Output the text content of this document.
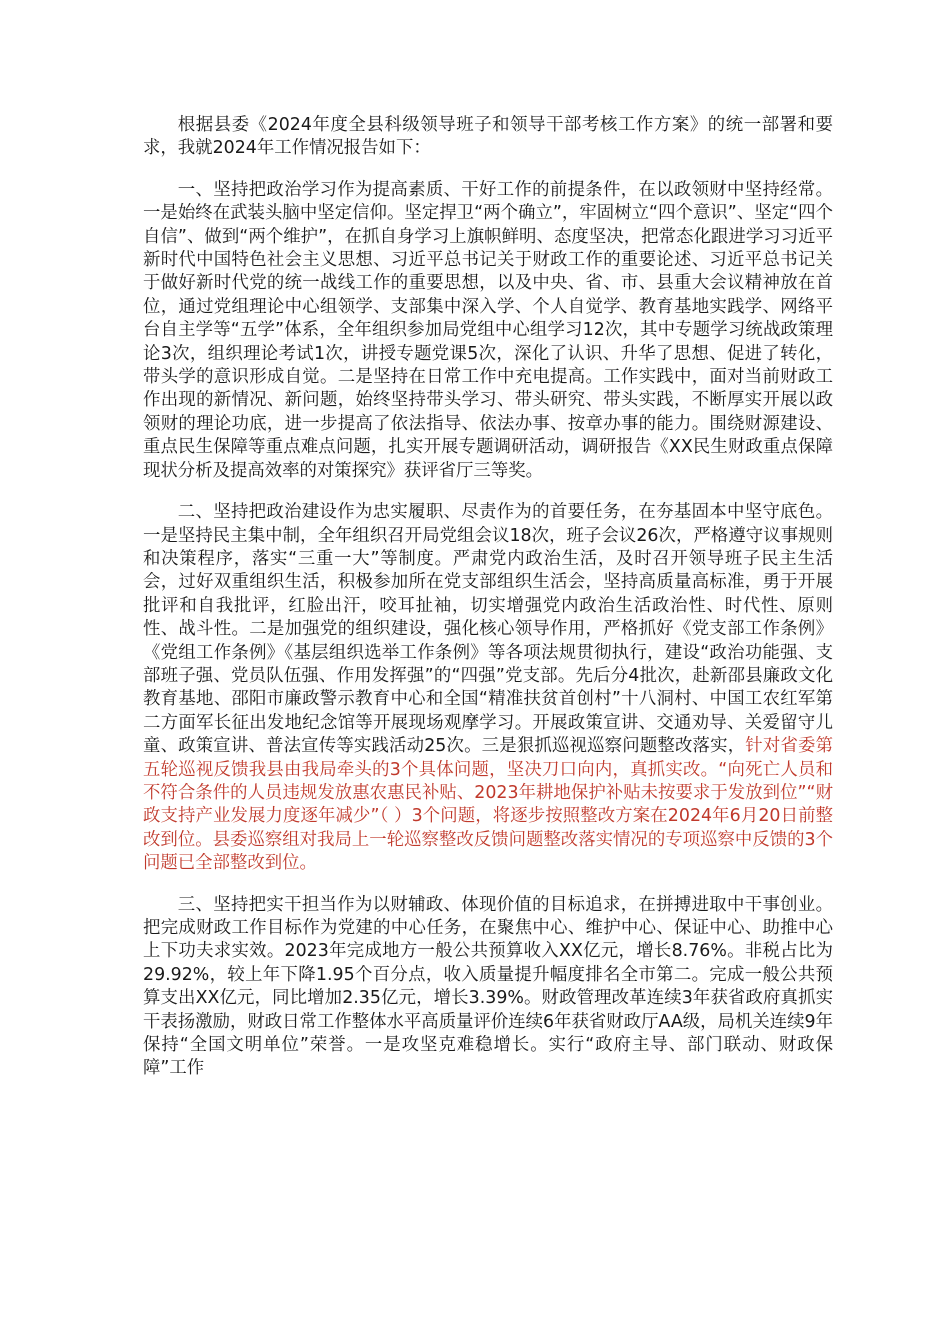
根据县委《2024年度全县科级领导班子和领导干部考核工作方案》的统一部署和要求，我就2024年工作情况报告如下：

一、坚持把政治学习作为提高素质、干好工作的前提条件，在以政领财中坚持经常。一是始终在武装头脑中坚定信仰。坚定捍卫“两个确立”，牢固树立“四个意识”、坚定“四个自信”、做到“两个维护”，在抓自身学习上旗帜鲜明、态度坚决，把常态化跟进学习习近平新时代中国特色社会主义思想、习近平总书记关于财政工作的重要论述、习近平总书记关于做好新时代党的统一战线工作的重要思想，以及中央、省、市、县重大会议精神放在首位，通过党组理论中心组领学、支部集中深入学、个人自觉学、教育基地实践学、网络平台自主学等“五学”体系，全年组织参加局党组中心组学习12次，其中专题学习统战政策理论3次，组织理论考试1次，讲授专题党课5次，深化了认识、升华了思想、促进了转化，带头学的意识形成自觉。二是坚持在日常工作中充电提高。工作实践中，面对当前财政工作出现的新情况、新问题，始终坚持带头学习、带头研究、带头实践，不断厚实开展以政领财的理论功底，进一步提高了依法指导、依法办事、按章办事的能力。围绕财源建设、重点民生保障等重点难点问题，扎实开展专题调研活动，调研报告《XX民生财政重点保障现状分析及提高效率的对策探究》获评省厅三等奖。

二、坚持把政治建设作为忠实履职、尽责作为的首要任务，在夯基固本中坚守底色。一是坚持民主集中制，全年组织召开局党组会议18次，班子会议26次，严格遵守议事规则和决策程序，落实“三重一大”等制度。严肃党内政治生活，及时召开领导班子民主生活会，过好双重组织生活，积极参加所在党支部组织生活会，坚持高质量高标准，勇于开展批评和自我批评，红脸出汗，咬耳扯袖，切实增强党内政治生活政治性、时代性、原则性、战斗性。二是加强党的组织建设，强化核心领导作用，严格抓好《党支部工作条例》《党组工作条例》《基层组织选举工作条例》等各项法规贯彻执行，建设“政治功能强、支部班子强、党员队伍强、作用发挥强”的“四强”党支部。先后分4批次，赴新邵县廉政文化教育基地、邵阳市廉政警示教育中心和全国“精准扶贫首创村”十八洞村、中国工农红军第二方面军长征出发地纪念馆等开展现场观摩学习。开展政策宣讲、交通劝导、关爱留守儿童、政策宣讲、普法宣传等实践活动25次。三是狠抓巡视巡察问题整改落实，针对省委第五轮巡视反馈我县由我局牵头的3个具体问题，坚决刀口向内，真抓实改。“向死亡人员和不符合条件的人员违规发放惠农惠民补贴、2023年耕地保护补贴未按要求于发放到位”“财政支持产业发展力度逐年减少”（ ）3个问题，将逐步按照整改方案在2024年6月20日前整改到位。县委巡察组对我局上一轮巡察整改反馈问题整改落实情况的专项巡察中反馈的3个问题已全部整改到位。

三、坚持把实干担当作为以财辅政、体现价值的目标追求，在拼搏进取中干事创业。把完成财政工作目标作为党建的中心任务，在聚焦中心、维护中心、保证中心、助推中心上下功夫求实效。2023年完成地方一般公共预算收入XX亿元，增长8.76%。非税占比为29.92%，较上年下降1.95个百分点，收入质量提升幅度排名全市第二。完成一般公共预算支出XX亿元，同比增加2.35亿元，增长3.39%。财政管理改革连续3年获省政府真抓实干表扬激励，财政日常工作整体水平高质量评价连续6年获省财政厅AA级，局机关连续9年保持“全国文明单位”荣誉。一是攻坚克难稳增长。实行“政府主导、部门联动、财政保障”工作
